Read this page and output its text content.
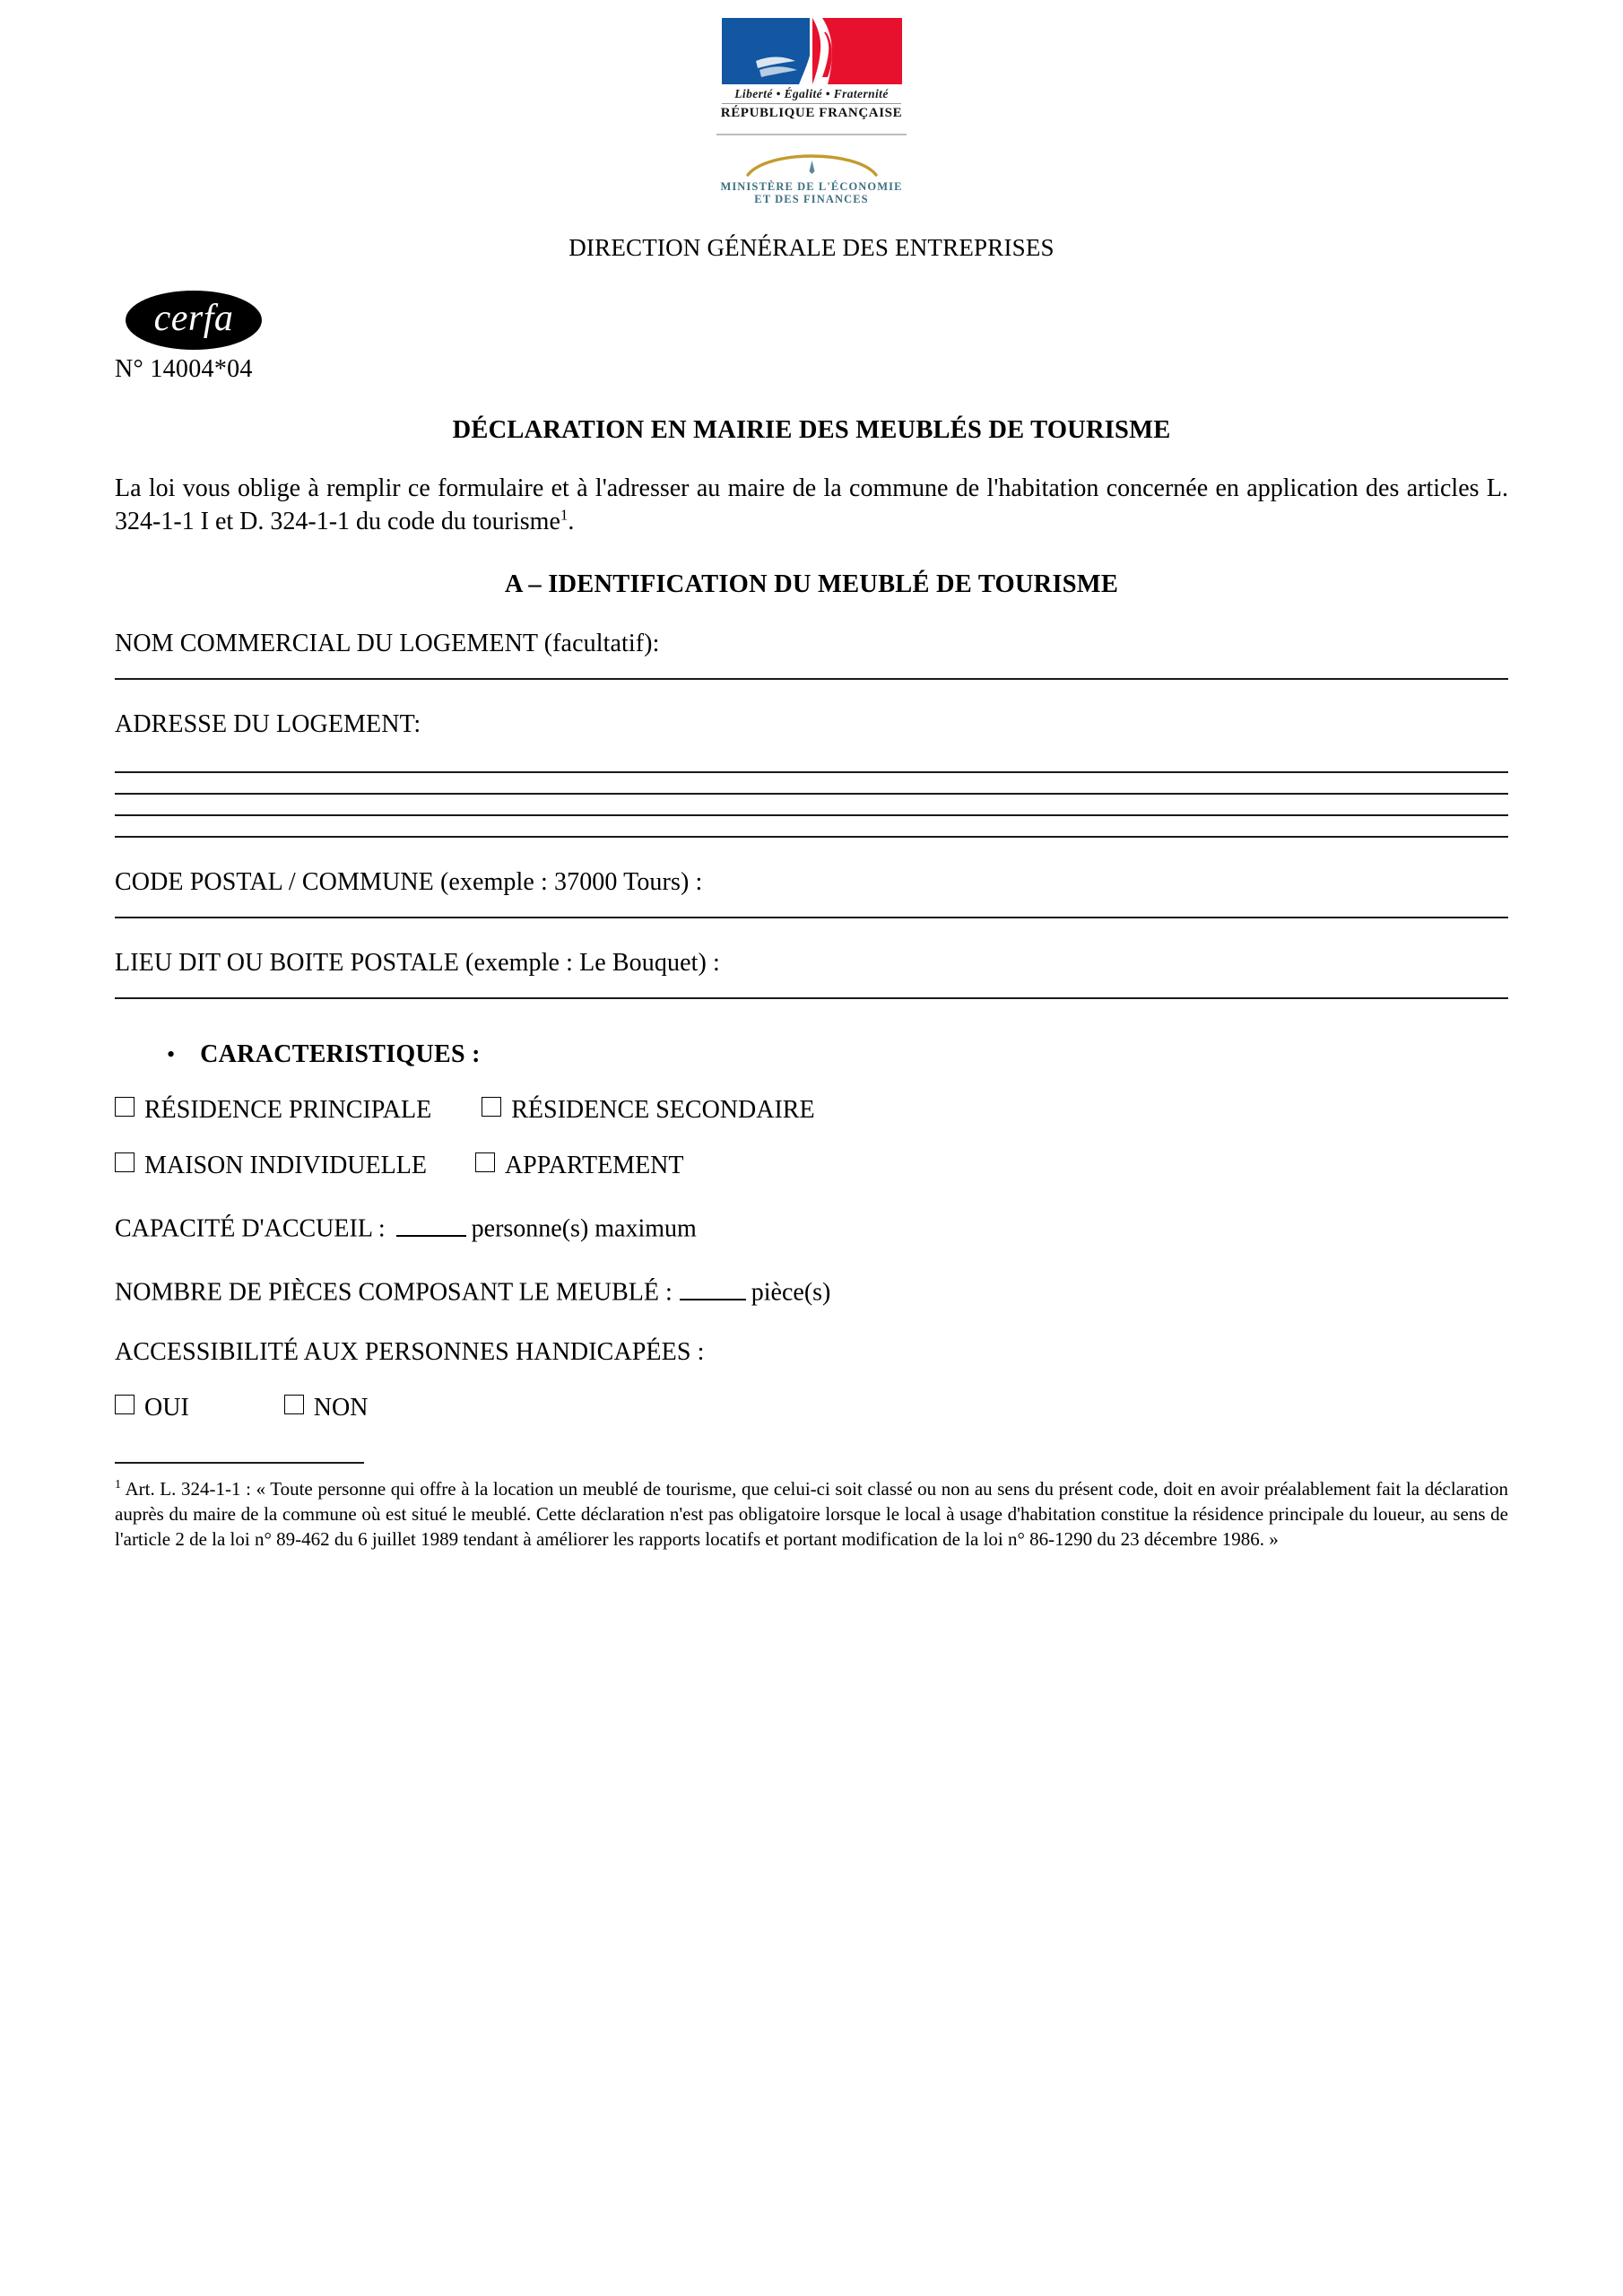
Liberté • Égalité • Fraternité
RÉPUBLIQUE FRANÇAISE
MINISTÈRE DE L'ÉCONOMIE
ET DES FINANCES
DIRECTION GÉNÉRALE DES ENTREPRISES
cerfa
N° 14004*04
DÉCLARATION EN MAIRIE DES MEUBLÉS DE TOURISME

La loi vous oblige à remplir ce formulaire et à l'adresser au maire de la commune de l'habitation concernée en application des articles L. 324-1-1 I et D. 324-1-1 du code du tourisme$^1$.

A – IDENTIFICATION DU MEUBLÉ DE TOURISME
NOM COMMERCIAL DU LOGEMENT (facultatif):
ADRESSE DU LOGEMENT:
CODE POSTAL / COMMUNE (exemple : 37000 Tours) :
LIEU DIT OU BOITE POSTALE (exemple : Le Bouquet) :
• CARACTERISTIQUES :
RÉSIDENCE PRINCIPALE	RÉSIDENCE SECONDAIRE
MAISON INDIVIDUELLE	APPARTEMENT
CAPACITÉ D'ACCUEIL :	personne(s) maximum
NOMBRE DE PIÈCES COMPOSANT LE MEUBLÉ :	pièce(s)
ACCESSIBILITÉ AUX PERSONNES HANDICAPÉES :
OUI	NON

$^1$ Art. L. 324-1-1 : « Toute personne qui offre à la location un meublé de tourisme, que celui-ci soit classé ou non au sens du présent code, doit en avoir préalablement fait la déclaration auprès du maire de la commune où est situé le meublé. Cette déclaration n'est pas obligatoire lorsque le local à usage d'habitation constitue la résidence principale du loueur, au sens de l'article 2 de la loi n° 89-462 du 6 juillet 1989 tendant à améliorer les rapports locatifs et portant modification de la loi n° 86-1290 du 23 décembre 1986. »
